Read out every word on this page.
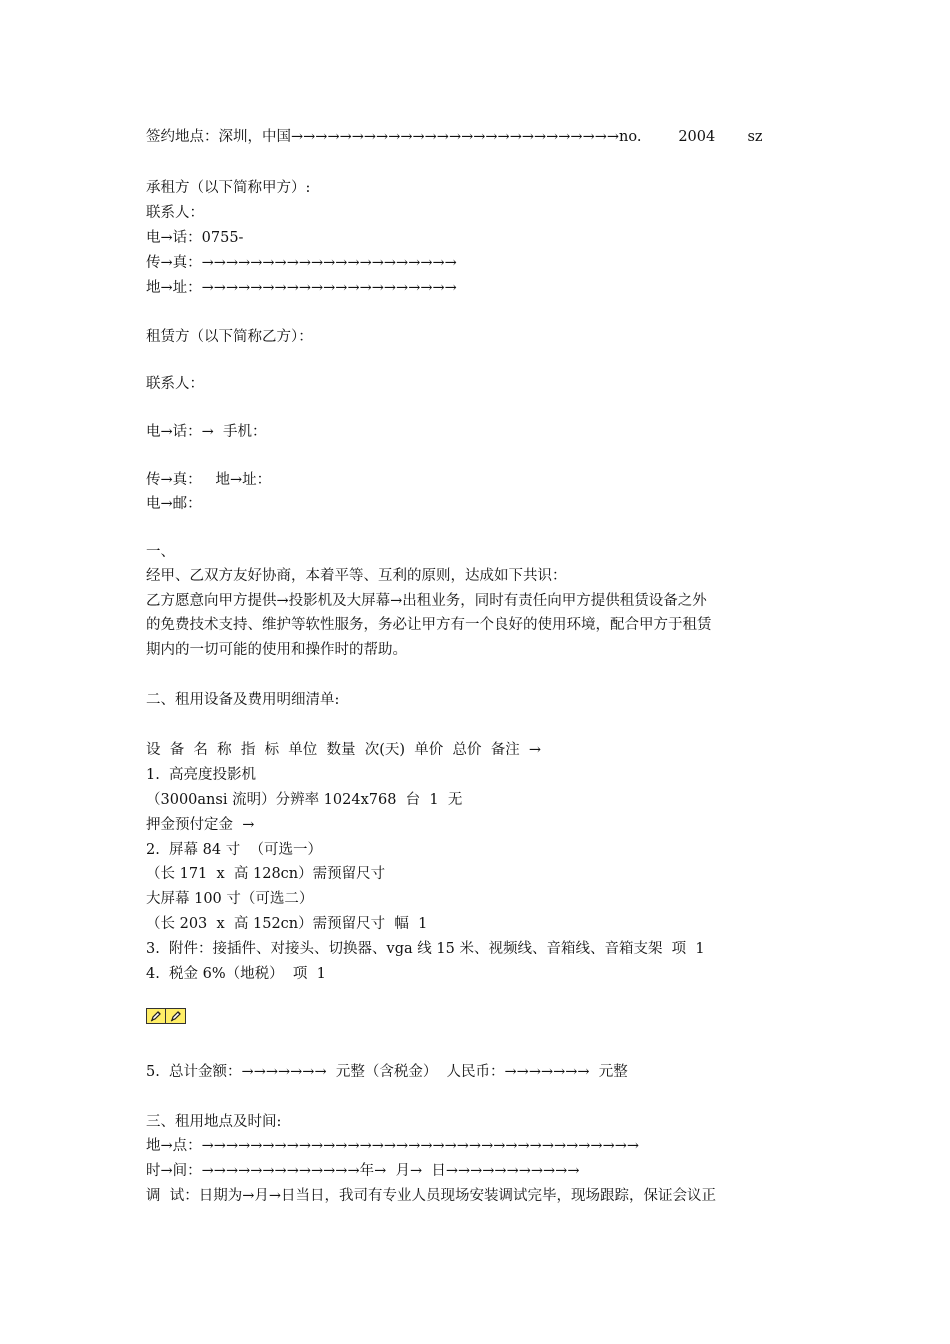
签约地点：深圳，中国→→→→→→→→→→→→→→→→→→→→→→→→→→→no.        2004       sz
承租方（以下简称甲方）:
联系人：
电→话：0755-
传→真：→→→→→→→→→→→→→→→→→→→→→
地→址：→→→→→→→→→→→→→→→→→→→→→
租赁方（以下简称乙方）：
联系人：
电→话：→  手机：
传→真：   地→址：
电→邮：
一、
经甲、乙双方友好协商，本着平等、互利的原则，达成如下共识：
乙方愿意向甲方提供→投影机及大屏幕→出租业务，同时有责任向甲方提供租赁设备之外
的免费技术支持、维护等软性服务，务必让甲方有一个良好的使用环境，配合甲方于租赁
期内的一切可能的使用和操作时的帮助。
二、租用设备及费用明细清单:
设  备  名  称  指  标  单位  数量  次(天)  单价  总价  备注  →
1.  高亮度投影机
（3000ansi 流明）分辨率 1024x768  台  1  无
押金预付定金  →
2.  屏幕 84 寸  （可选一）
（长 171  x  高 128cn）需预留尺寸
大屏幕 100 寸（可选二）
（长 203  x  高 152cn）需预留尺寸  幅  1
3.  附件：接插件、对接头、切换器、vga 线 15 米、视频线、音箱线、音箱支架  项  1
4.  税金 6%（地税）  项  1
5.  总计金额：→→→→→→→  元整（含税金）  人民币：→→→→→→→  元整
三、租用地点及时间:
地→点：→→→→→→→→→→→→→→→→→→→→→→→→→→→→→→→→→→→→
时→间：→→→→→→→→→→→→→年→  月→  日→→→→→→→→→→→
调  试：日期为→月→日当日，我司有专业人员现场安装调试完毕，现场跟踪，保证会议正
